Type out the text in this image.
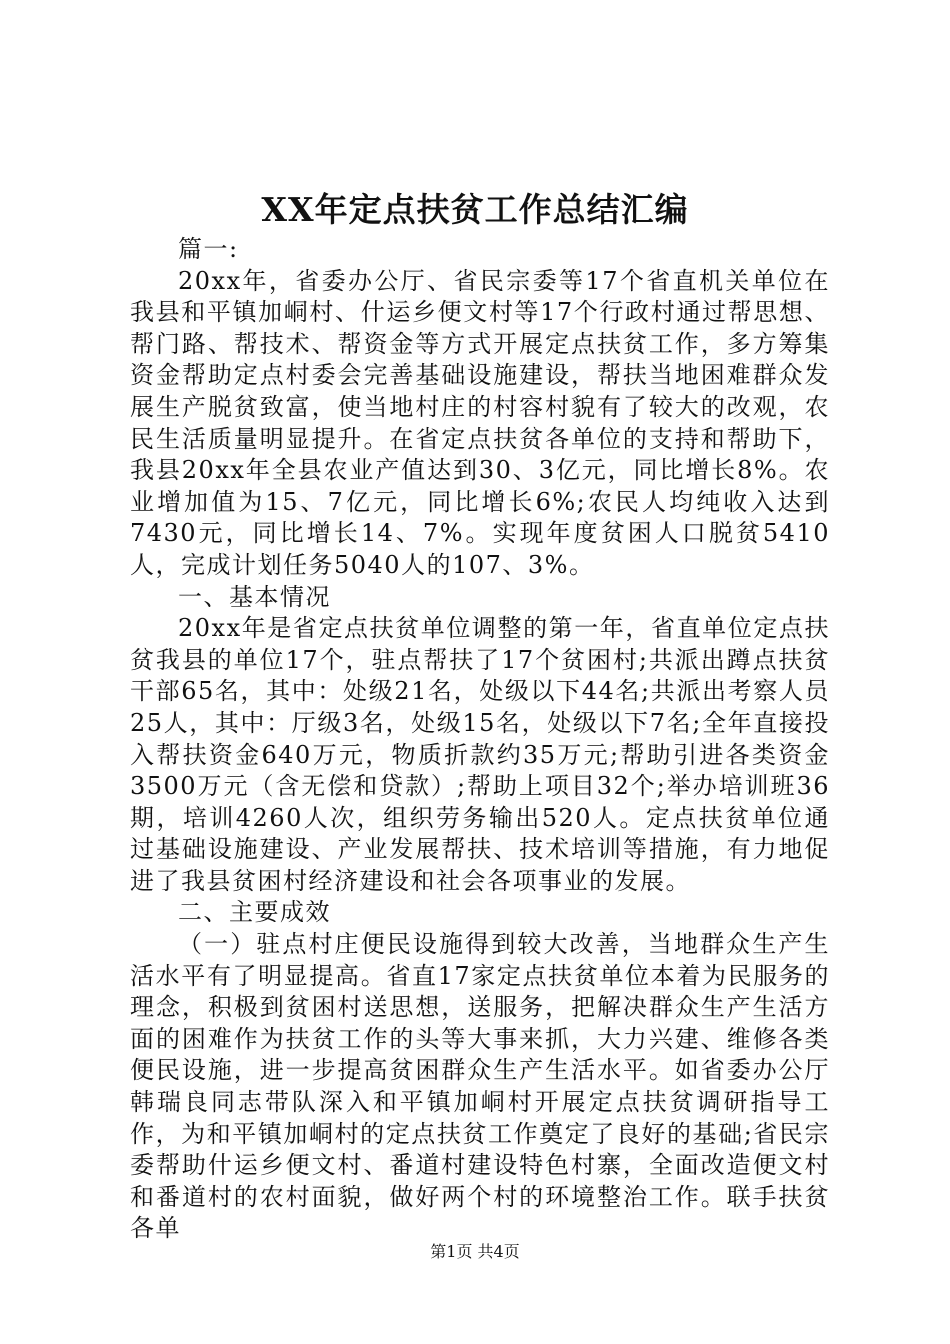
XX年定点扶贫工作总结汇编

篇一:

20xx年，省委办公厅、省民宗委等17个省直机关单位在我县和平镇加峒村、什运乡便文村等17个行政村通过帮思想、帮门路、帮技术、帮资金等方式开展定点扶贫工作，多方筹集资金帮助定点村委会完善基础设施建设，帮扶当地困难群众发展生产脱贫致富，使当地村庄的村容村貌有了较大的改观，农民生活质量明显提升。在省定点扶贫各单位的支持和帮助下，我县20xx年全县农业产值达到30、3亿元，同比增长8%。农业增加值为15、7亿元，同比增长6%;农民人均纯收入达到7430元，同比增长14、7%。实现年度贫困人口脱贫5410人，完成计划任务5040人的107、3%。

一、基本情况

20xx年是省定点扶贫单位调整的第一年，省直单位定点扶贫我县的单位17个，驻点帮扶了17个贫困村;共派出蹲点扶贫干部65名，其中：处级21名，处级以下44名;共派出考察人员25人，其中：厅级3名，处级15名，处级以下7名;全年直接投入帮扶资金640万元，物质折款约35万元;帮助引进各类资金3500万元（含无偿和贷款）;帮助上项目32个;举办培训班36期，培训4260人次，组织劳务输出520人。定点扶贫单位通过基础设施建设、产业发展帮扶、技术培训等措施，有力地促进了我县贫困村经济建设和社会各项事业的发展。

二、主要成效

（一）驻点村庄便民设施得到较大改善，当地群众生产生活水平有了明显提高。省直17家定点扶贫单位本着为民服务的理念，积极到贫困村送思想，送服务，把解决群众生产生活方面的困难作为扶贫工作的头等大事来抓，大力兴建、维修各类便民设施，进一步提高贫困群众生产生活水平。如省委办公厅韩瑞良同志带队深入和平镇加峒村开展定点扶贫调研指导工作，为和平镇加峒村的定点扶贫工作奠定了良好的基础;省民宗委帮助什运乡便文村、番道村建设特色村寨，全面改造便文村和番道村的农村面貌，做好两个村的环境整治工作。联手扶贫各单

第1页 共4页
